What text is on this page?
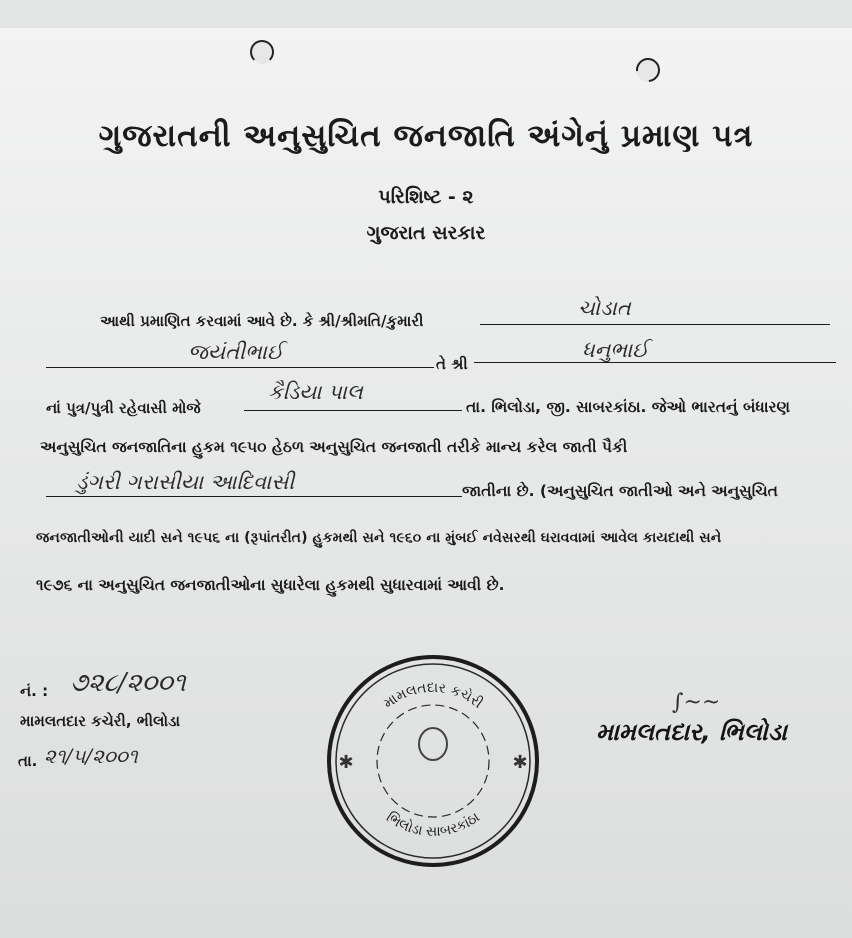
ગુજરાતની અનુસુચિત જનજાતિ અંગેનું પ્રમાણ પત્ર
પરિશિષ્ટ - ૨
ગુજરાત સરકાર
આથી પ્રમાણિત કરવામાં આવે છે. કે શ્રી/શ્રીમતિ/કુમારી
ચોડાત
જયંતીભાઈ	તે શ્રી
ધનુભાઈ
નાં પુત્ર/પુત્રી રહેવાસી મોજે
કૈડિયા પાલ
તા. ભિલોડા, જી. સાબરકાંઠા. જેઓ ભારતનું બંધારણ
અનુસુચિત જનજાતિના હુકમ ૧૯૫૦ હેઠળ અનુસુચિત જનજાતી તરીકે માન્ય કરેલ જાતી પૈકી
ડુંગરી ગરાસીયા આદિવાસી	જાતીના છે. (અનુસુચિત જાતીઓ અને અનુસુચિત
જનજાતીઓની યાદી સને ૧૯૫૬ ના (રૂપાંતરીત) હુકમથી સને ૧૯૬૦ ના મુંબઈ નવેસરથી ઘરાવવામાં આવેલ કાયદાથી સને
૧૯૭૬ ના અનુસુચિત જનજાતીઓના સુધારેલા હુકમથી સુધારવામાં આવી છે.
નં. : ૭૨૮/૨૦૦૧
મામલતદાર કચેરી, ભીલોડા
તા. ૨૧/૫/૨૦૦૧	✱	✱
મામલતદાર કચેરી
ભિલોડા સાબરકાંઠા
∫~~
મામલતદાર, ભિલોડા
